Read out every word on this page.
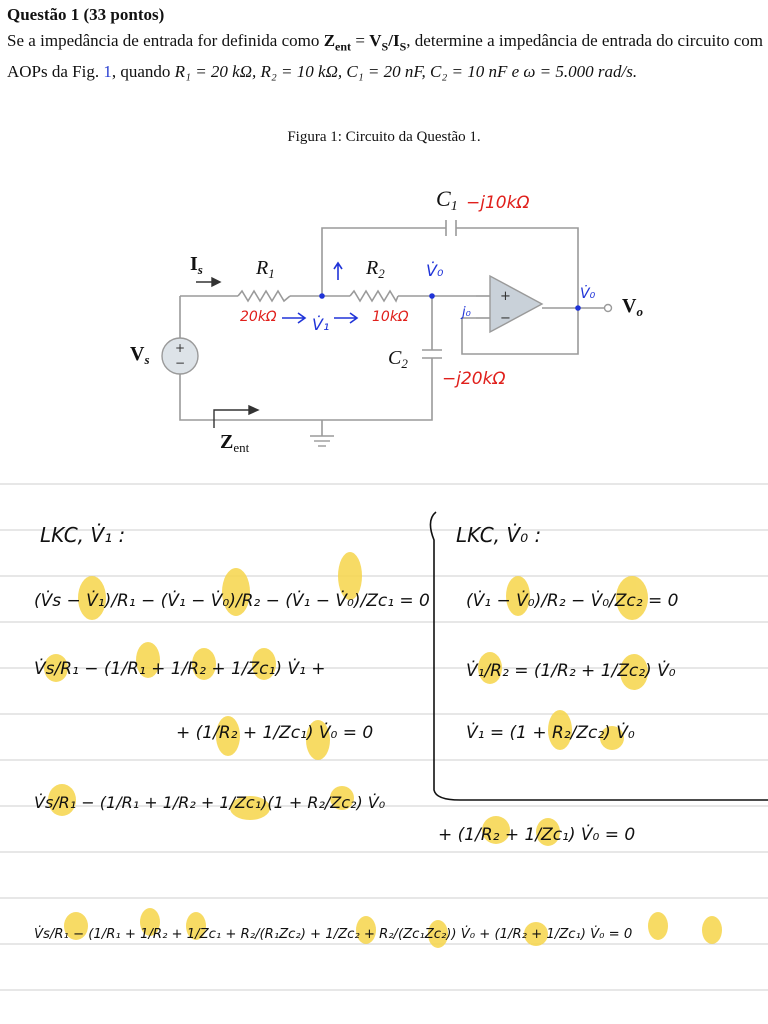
Questão 1 (33 pontos)

Se a impedância de entrada for definida como $Z_{ent} = V_S/I_S$, determine a impedância de entrada do circuito com AOPs da Fig. 1, quando R₁ = 20 kΩ, R₂ = 10 kΩ, C₁ = 20 nF, C₂ = 10 nF e ω = 5.000 rad/s.

Figura 1: Circuito da Questão 1.
+
−
+
−
C1
$R_1$	$R_2$
$C_2$
$I_s$
$V_s$
$V_o$
$Z_{ent}$
−j10kΩ
−j20kΩ
20kΩ	10kΩ
V̇₁
V̇₀
V̇₀
j₀
LKC, V̇₁ :	LKC, V̇₀ :
(V̇s − V̇₁)/R₁ − (V̇₁ − V̇₀)/R₂ − (V̇₁ − V̇₀)/Zc₁ = 0
V̇s/R₁ − (1/R₁ + 1/R₂ + 1/Zc₁) V̇₁ +
+ (1/R₂ + 1/Zc₁) V̇₀ = 0
V̇s/R₁ − (1/R₁ + 1/R₂ + 1/Zc₁)(1 + R₂/Zc₂) V̇₀
+ (1/R₂ + 1/Zc₁) V̇₀ = 0
(V̇₁ − V̇₀)/R₂ − V̇₀/Zc₂ = 0
V̇₁/R₂ = (1/R₂ + 1/Zc₂) V̇₀
V̇₁ = (1 + R₂/Zc₂) V̇₀
V̇s/R₁ − (1/R₁ + 1/R₂ + 1/Zc₁ + R₂/(R₁Zc₂) + 1/Zc₂ + R₂/(Zc₁Zc₂)) V̇₀ + (1/R₂ + 1/Zc₁) V̇₀ = 0
